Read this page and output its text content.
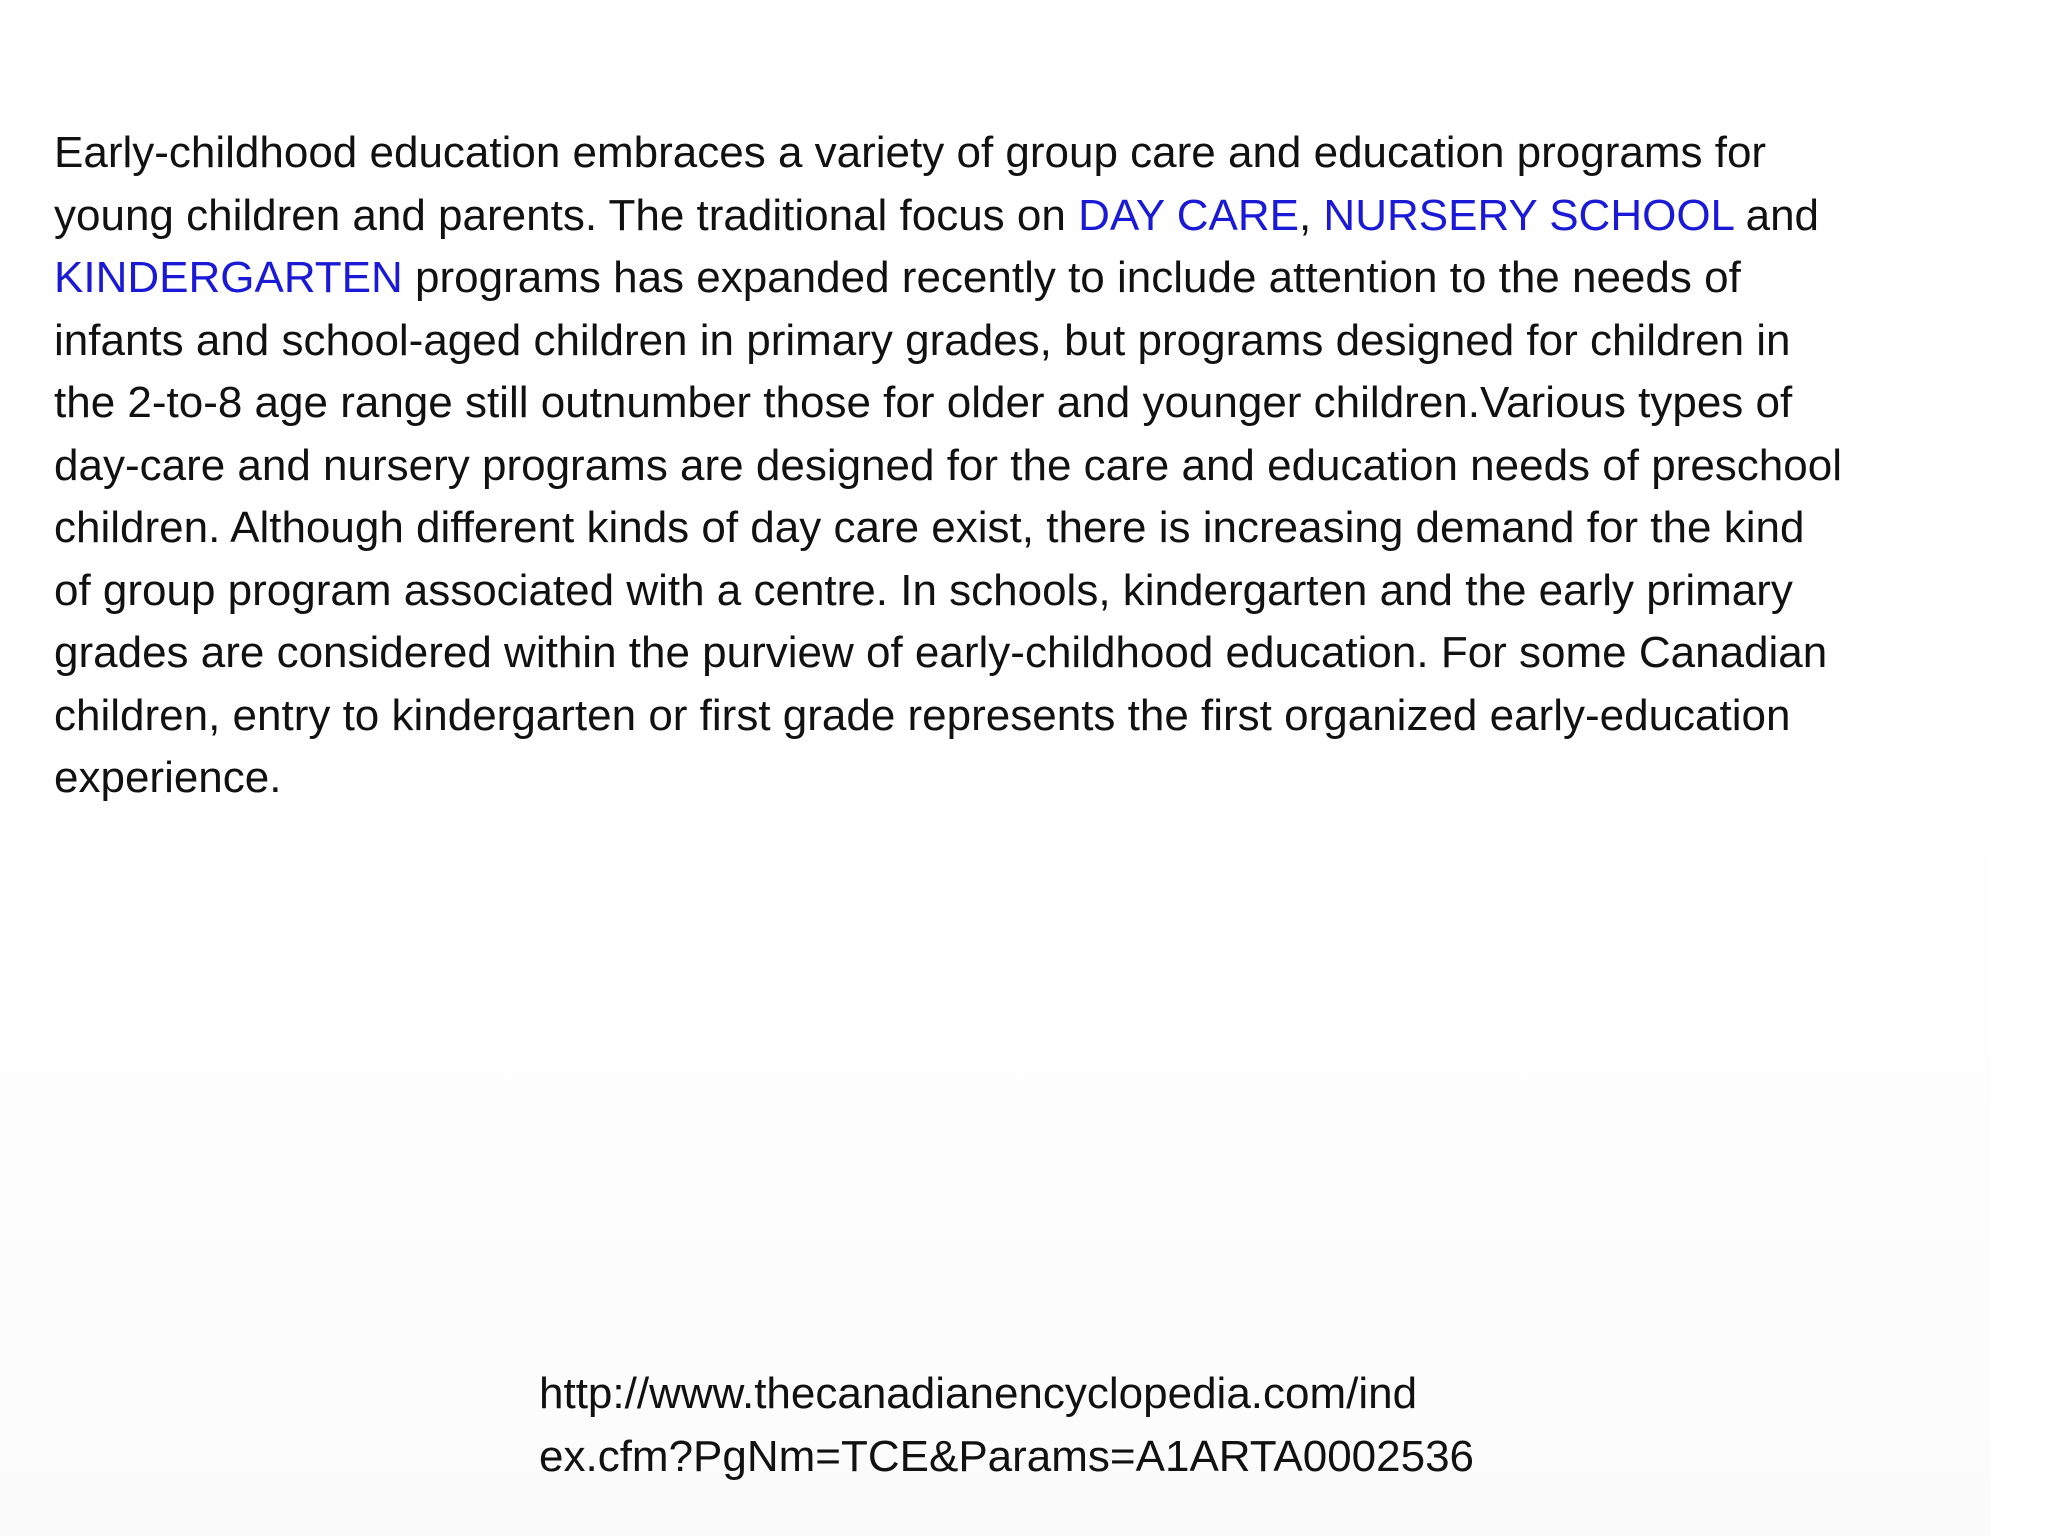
Early-childhood education embraces a variety of group care and education programs for
young children and parents. The traditional focus on DAY CARE, NURSERY SCHOOL and
KINDERGARTEN programs has expanded recently to include attention to the needs of
infants and school-aged children in primary grades, but programs designed for children in
the 2-to-8 age range still outnumber those for older and younger children.Various types of
day-care and nursery programs are designed for the care and education needs of preschool
children. Although different kinds of day care exist, there is increasing demand for the kind
of group program associated with a centre. In schools, kindergarten and the early primary
grades are considered within the purview of early-childhood education. For some Canadian
children, entry to kindergarten or first grade represents the first organized early-education
experience.

http://www.thecanadianencyclopedia.com/ind
ex.cfm?PgNm=TCE&Params=A1ARTA0002536
